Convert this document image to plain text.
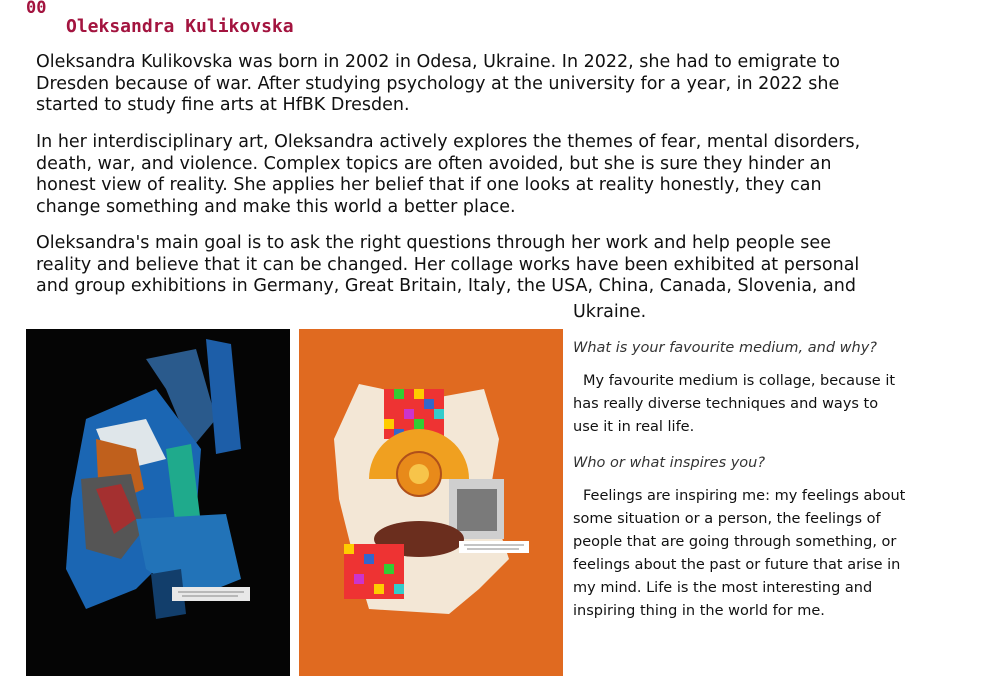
00
Oleksandra Kulikovska

Oleksandra Kulikovska was born in 2002 in Odesa, Ukraine. In 2022, she had to emigrate to Dresden because of war. After studying psychology at the university for a year, in 2022 she started to study fine arts at HfBK Dresden.

In her interdisciplinary art, Oleksandra actively explores the themes of fear, mental disorders, death, war, and violence. Complex topics are often avoided, but she is sure they hinder an honest view of reality. She applies her belief that if one looks at reality honestly, they can change something and make this world a better place.

Oleksandra's main goal is to ask the right questions through her work and help people see reality and believe that it can be changed. Her collage works have been exhibited at personal and group exhibitions in Germany, Great Britain, Italy, the USA, China, Canada, Slovenia, and

Ukraine.
What is your favourite medium, and why?
My favourite medium is collage, because it has really diverse techniques and ways to use it in real life.
Who or what inspires you?
Feelings are inspiring me: my feelings about some situation or a person, the feelings of people that are going through something, or feelings about the past or future that arise in my mind. Life is the most interesting and inspiring thing in the world for me.
